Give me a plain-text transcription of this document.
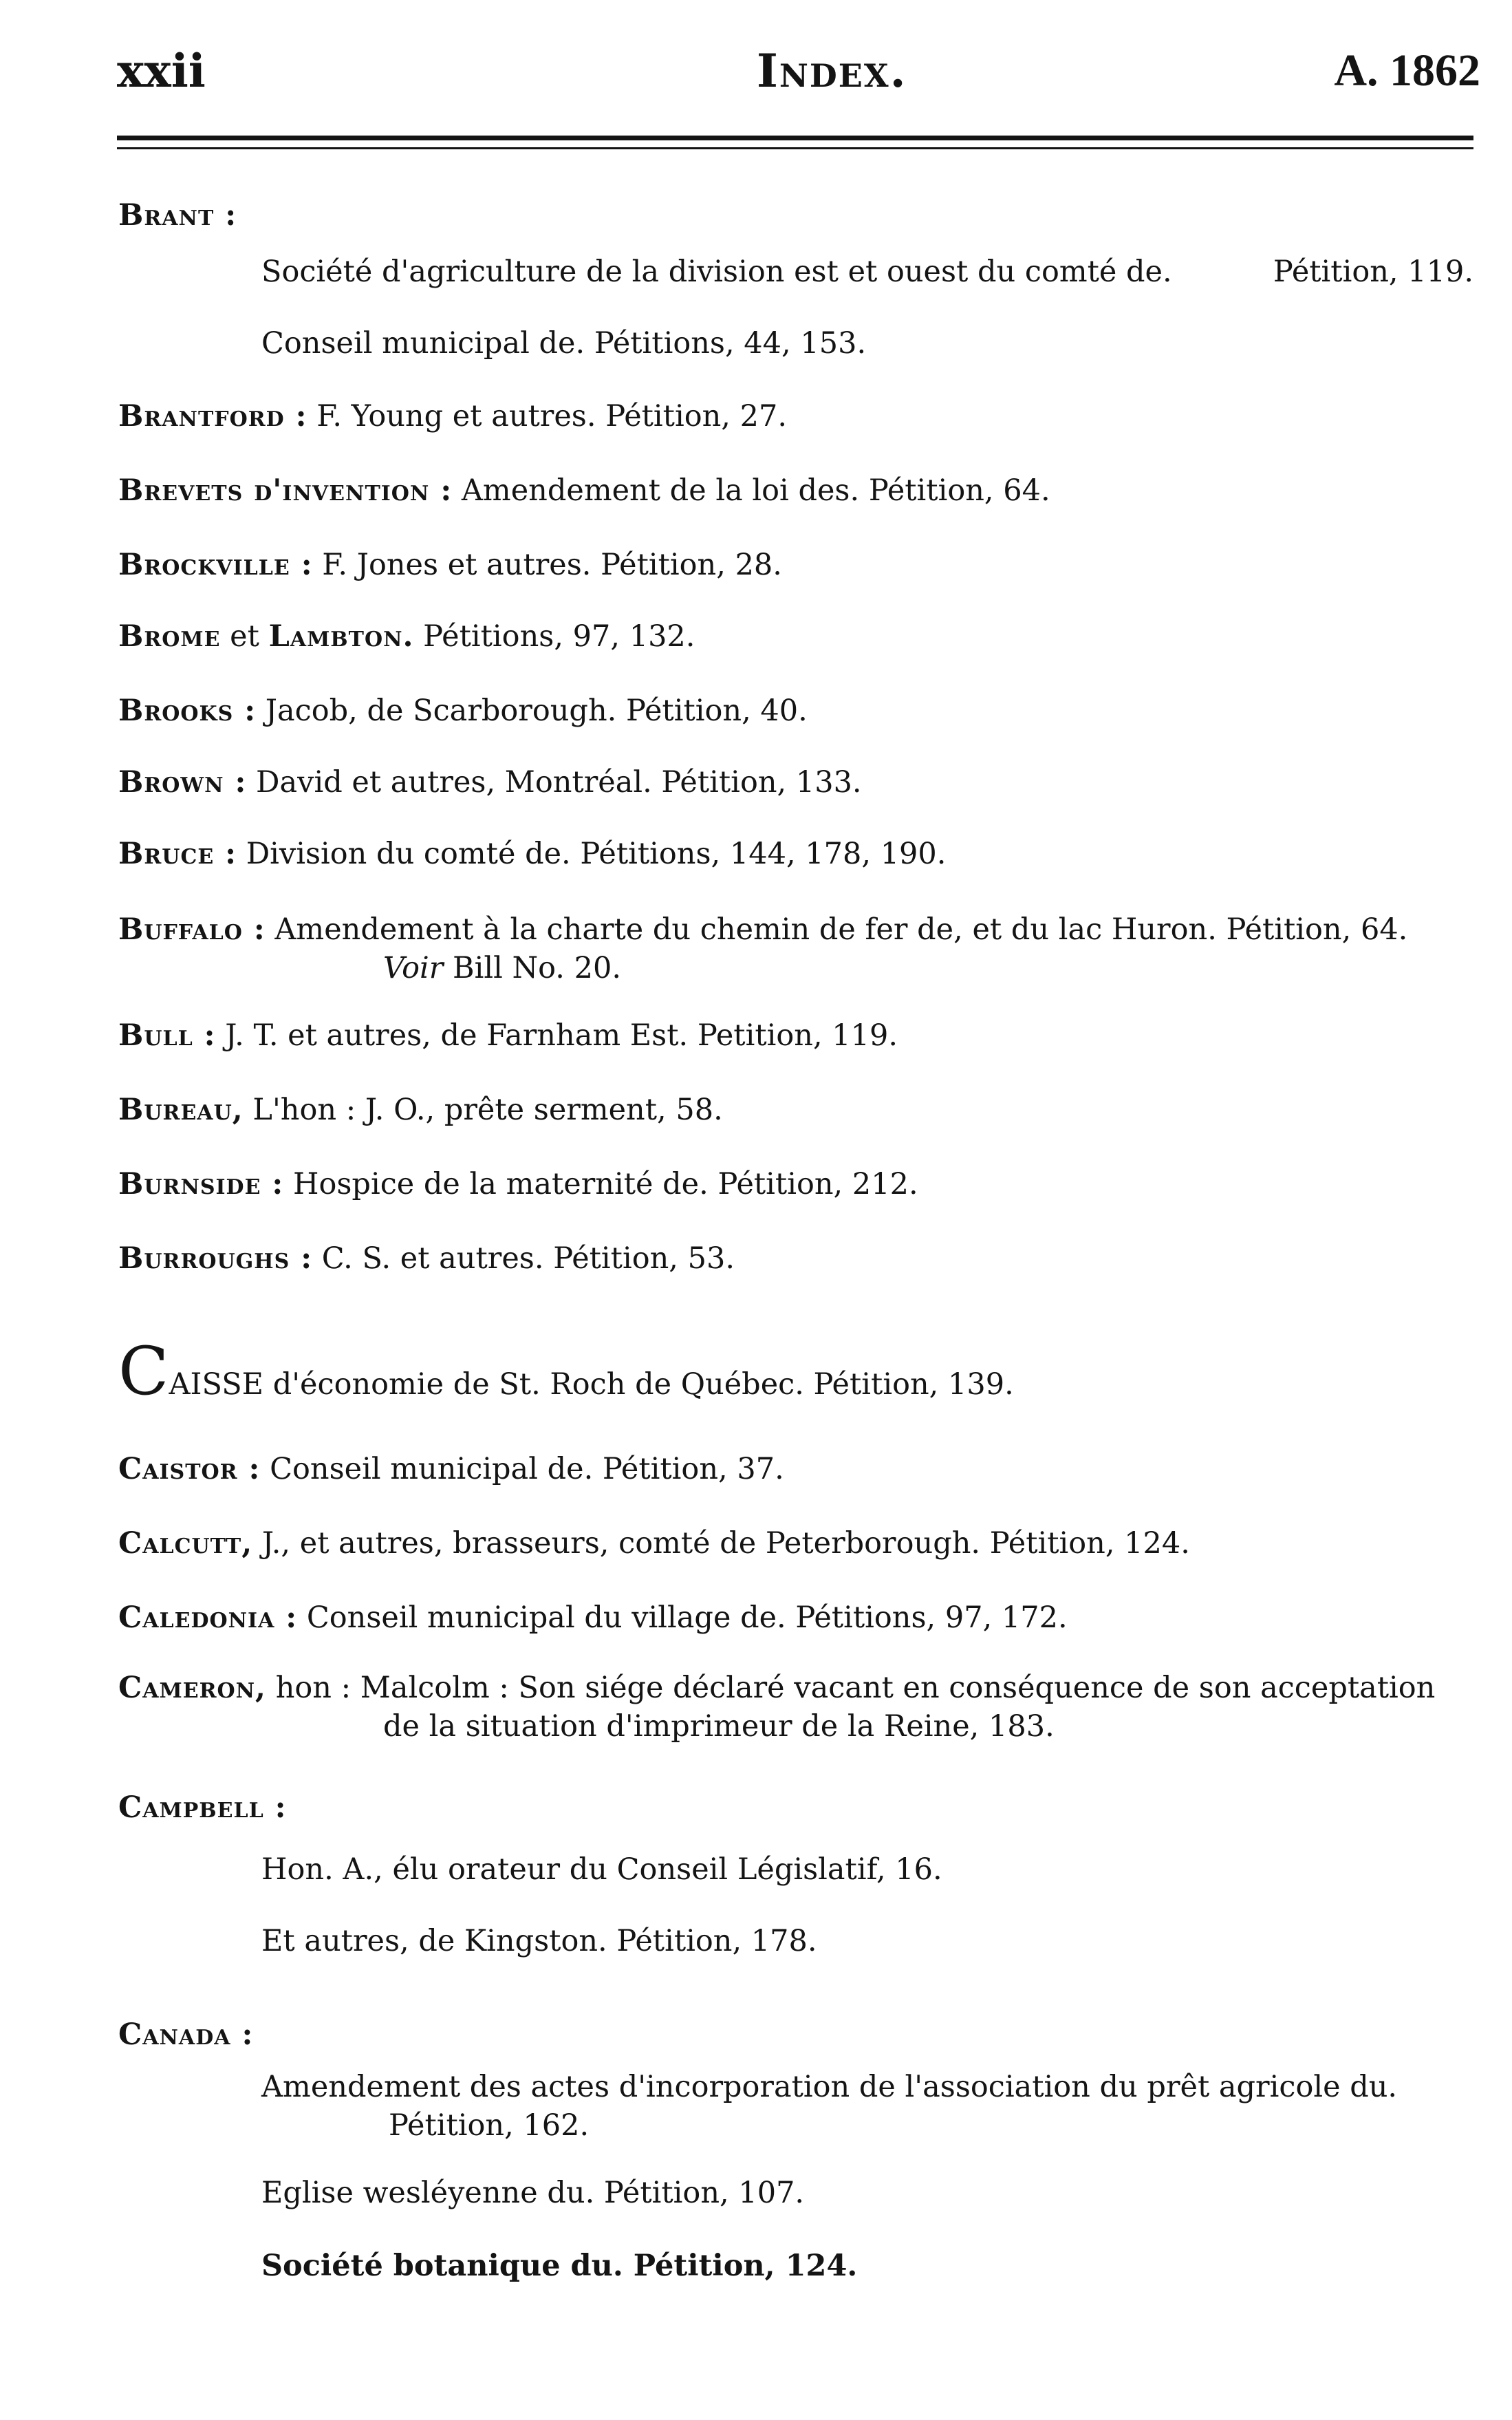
xxii	Index.	A. 1862
Brant :
Société d'agriculture de la division est et ouest du comté de.	Pétition, 119.
Conseil municipal de. Pétitions, 44, 153.
Brantford : F. Young et autres. Pétition, 27.
Brevets d'invention : Amendement de la loi des. Pétition, 64.
Brockville : F. Jones et autres. Pétition, 28.
Brome et Lambton. Pétitions, 97, 132.
Brooks : Jacob, de Scarborough. Pétition, 40.
Brown : David et autres, Montréal. Pétition, 133.
Bruce : Division du comté de. Pétitions, 144, 178, 190.
Buffalo : Amendement à la charte du chemin de fer de, et du lac Huron. Pétition, 64. Voir Bill No. 20.
Bull : J. T. et autres, de Farnham Est. Petition, 119.
Bureau, L'hon : J. O., prête serment, 58.
Burnside : Hospice de la maternité de. Pétition, 212.
Burroughs : C. S. et autres. Pétition, 53.
CAISSE d'économie de St. Roch de Québec. Pétition, 139.
Caistor : Conseil municipal de. Pétition, 37.
Calcutt, J., et autres, brasseurs, comté de Peterborough. Pétition, 124.
Caledonia : Conseil municipal du village de. Pétitions, 97, 172.
Cameron, hon : Malcolm : Son siége déclaré vacant en conséquence de son acceptation de la situation d'imprimeur de la Reine, 183.
Campbell :
Hon. A., élu orateur du Conseil Législatif, 16.
Et autres, de Kingston. Pétition, 178.
Canada :
Amendement des actes d'incorporation de l'association du prêt agricole du. Pétition, 162.
Eglise wesléyenne du. Pétition, 107.
Société botanique du. Pétition, 124.
